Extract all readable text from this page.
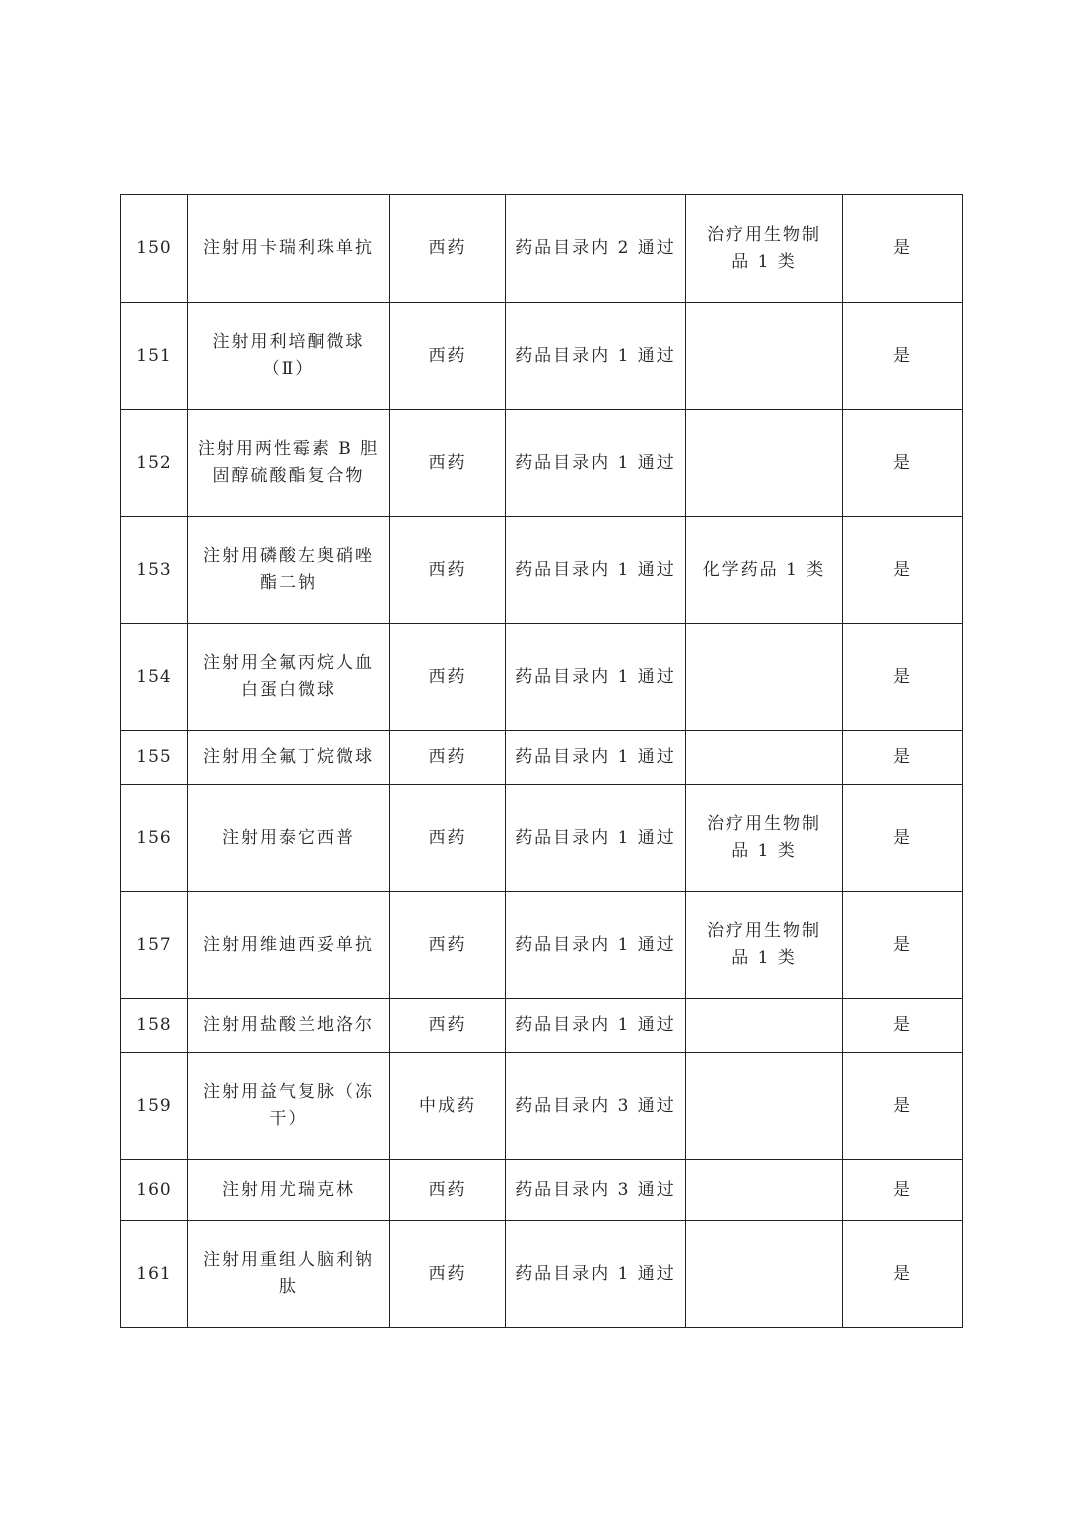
150	注射用卡瑞利珠单抗	西药	药品目录内 2 通过	治疗用生物制
品 1 类	是
151	注射用利培酮微球
（Ⅱ）	西药	药品目录内 1 通过		是
152	注射用两性霉素 B 胆
固醇硫酸酯复合物	西药	药品目录内 1 通过		是
153	注射用磷酸左奥硝唑
酯二钠	西药	药品目录内 1 通过	化学药品 1 类	是
154	注射用全氟丙烷人血
白蛋白微球	西药	药品目录内 1 通过		是
155	注射用全氟丁烷微球	西药	药品目录内 1 通过		是
156	注射用泰它西普	西药	药品目录内 1 通过	治疗用生物制
品 1 类	是
157	注射用维迪西妥单抗	西药	药品目录内 1 通过	治疗用生物制
品 1 类	是
158	注射用盐酸兰地洛尔	西药	药品目录内 1 通过		是
159	注射用益气复脉（冻
干）	中成药	药品目录内 3 通过		是
160	注射用尤瑞克林	西药	药品目录内 3 通过		是
161	注射用重组人脑利钠
肽	西药	药品目录内 1 通过		是
